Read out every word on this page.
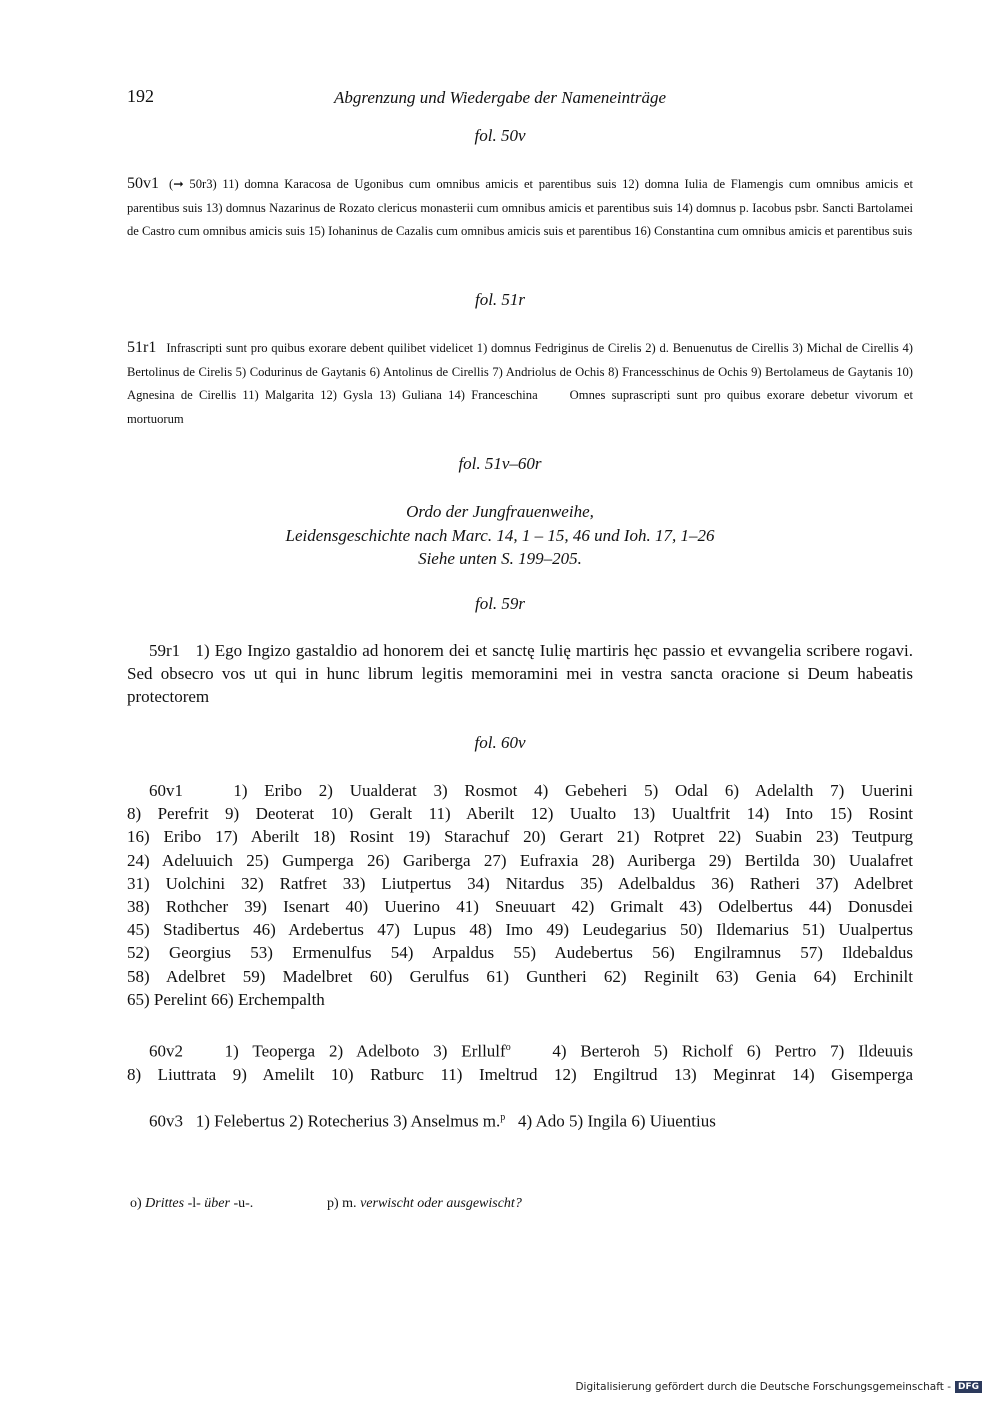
192	Abgrenzung und Wiedergabe der Nameneinträge
fol. 50v
50v1 (➞ 50r3) 11) domna Karacosa de Ugonibus cum omnibus amicis et parentibus suis 12) domna Iulia de Flamengis cum omnibus amicis et parentibus suis 13) domnus Nazarinus de Rozato clericus monasterii cum omnibus amicis et parentibus suis 14) domnus p. Iacobus psbr. Sancti Bartolamei de Castro cum omnibus amicis suis 15) Iohaninus de Cazalis cum omnibus amicis suis et parentibus 16) Constantina cum omnibus amicis et parentibus suis
fol. 51r
51r1 Infrascripti sunt pro quibus exorare debent quilibet videlicet 1) domnus Fedriginus de Cirelis 2) d. Benuenutus de Cirellis 3) Michal de Cirellis 4) Bertolinus de Cirelis 5) Codurinus de Gaytanis 6) Antolinus de Cirellis 7) Andriolus de Ochis 8) Francesschinus de Ochis 9) Bertolameus de Gaytanis 10) Agnesina de Cirellis 11) Malgarita 12) Gysla 13) Guliana 14) Franceschina	Omnes suprascripti sunt pro quibus exorare debetur vivorum et mortuorum
fol. 51v–60r
Ordo der Jungfrauenweihe,
Leidensgeschichte nach Marc. 14, 1 – 15, 46 und Ioh. 17, 1–26
Siehe unten S. 199–205.
fol. 59r
59r1 1) Ego Ingizo gastaldio ad honorem dei et sanctę Iulię martiris hęc passio et evvangelia scribere rogavi. Sed obsecro vos ut qui in hunc librum legitis memoramini mei in vestra sancta oracione si Deum habeatis protectorem
fol. 60v
60v1	1) Eribo 2) Uualderat 3) Rosmot 4) Gebeheri 5) Odal 6) Adelalth 7) Uuerini
8) Perefrit 9) Deoterat 10) Geralt 11) Aberilt 12) Uualto 13) Uualtfrit 14) Into 15) Rosint
16) Eribo 17) Aberilt 18) Rosint 19) Starachuf 20) Gerart 21) Rotpret 22) Suabin 23) Teutpurg
24) Adeluuich 25) Gumperga 26) Gariberga 27) Eufraxia 28) Auriberga 29) Bertilda 30) Uualafret
31) Uolchini 32) Ratfret 33) Liutpertus 34) Nitardus 35) Adelbaldus 36) Ratheri 37) Adelbret
38) Rothcher 39) Isenart 40) Uuerino 41) Sneuuart 42) Grimalt 43) Odelbertus 44) Donusdei
45) Stadibertus 46) Ardebertus 47) Lupus 48) Imo 49) Leudegarius 50) Ildemarius 51) Uualpertus
52) Georgius 53) Ermenulfus 54) Arpaldus 55) Audebertus 56) Engilramnus 57) Ildebaldus
58) Adelbret 59) Madelbret 60) Gerulfus 61) Guntheri 62) Reginilt 63) Genia 64) Erchinilt
65) Perelint 66) Erchempalth
60v2 1) Teoperga 2) Adelboto 3) Erllulf$^o$ 4) Berteroh 5) Richolf 6) Pertro 7) Ildeuuis
8) Liuttrata 9) Amelilt 10) Ratburc 11) Imeltrud 12) Engiltrud 13) Meginrat 14) Gisemperga
60v3 1) Felebertus 2) Rotecherius 3) Anselmus m.$^p$ 4) Ado 5) Ingila 6) Uiuentius
o) Drittes -l- über -u-.	p) m. verwischt oder ausgewischt?
Digitalisierung gefördert durch die Deutsche Forschungsgemeinschaft - DFG
